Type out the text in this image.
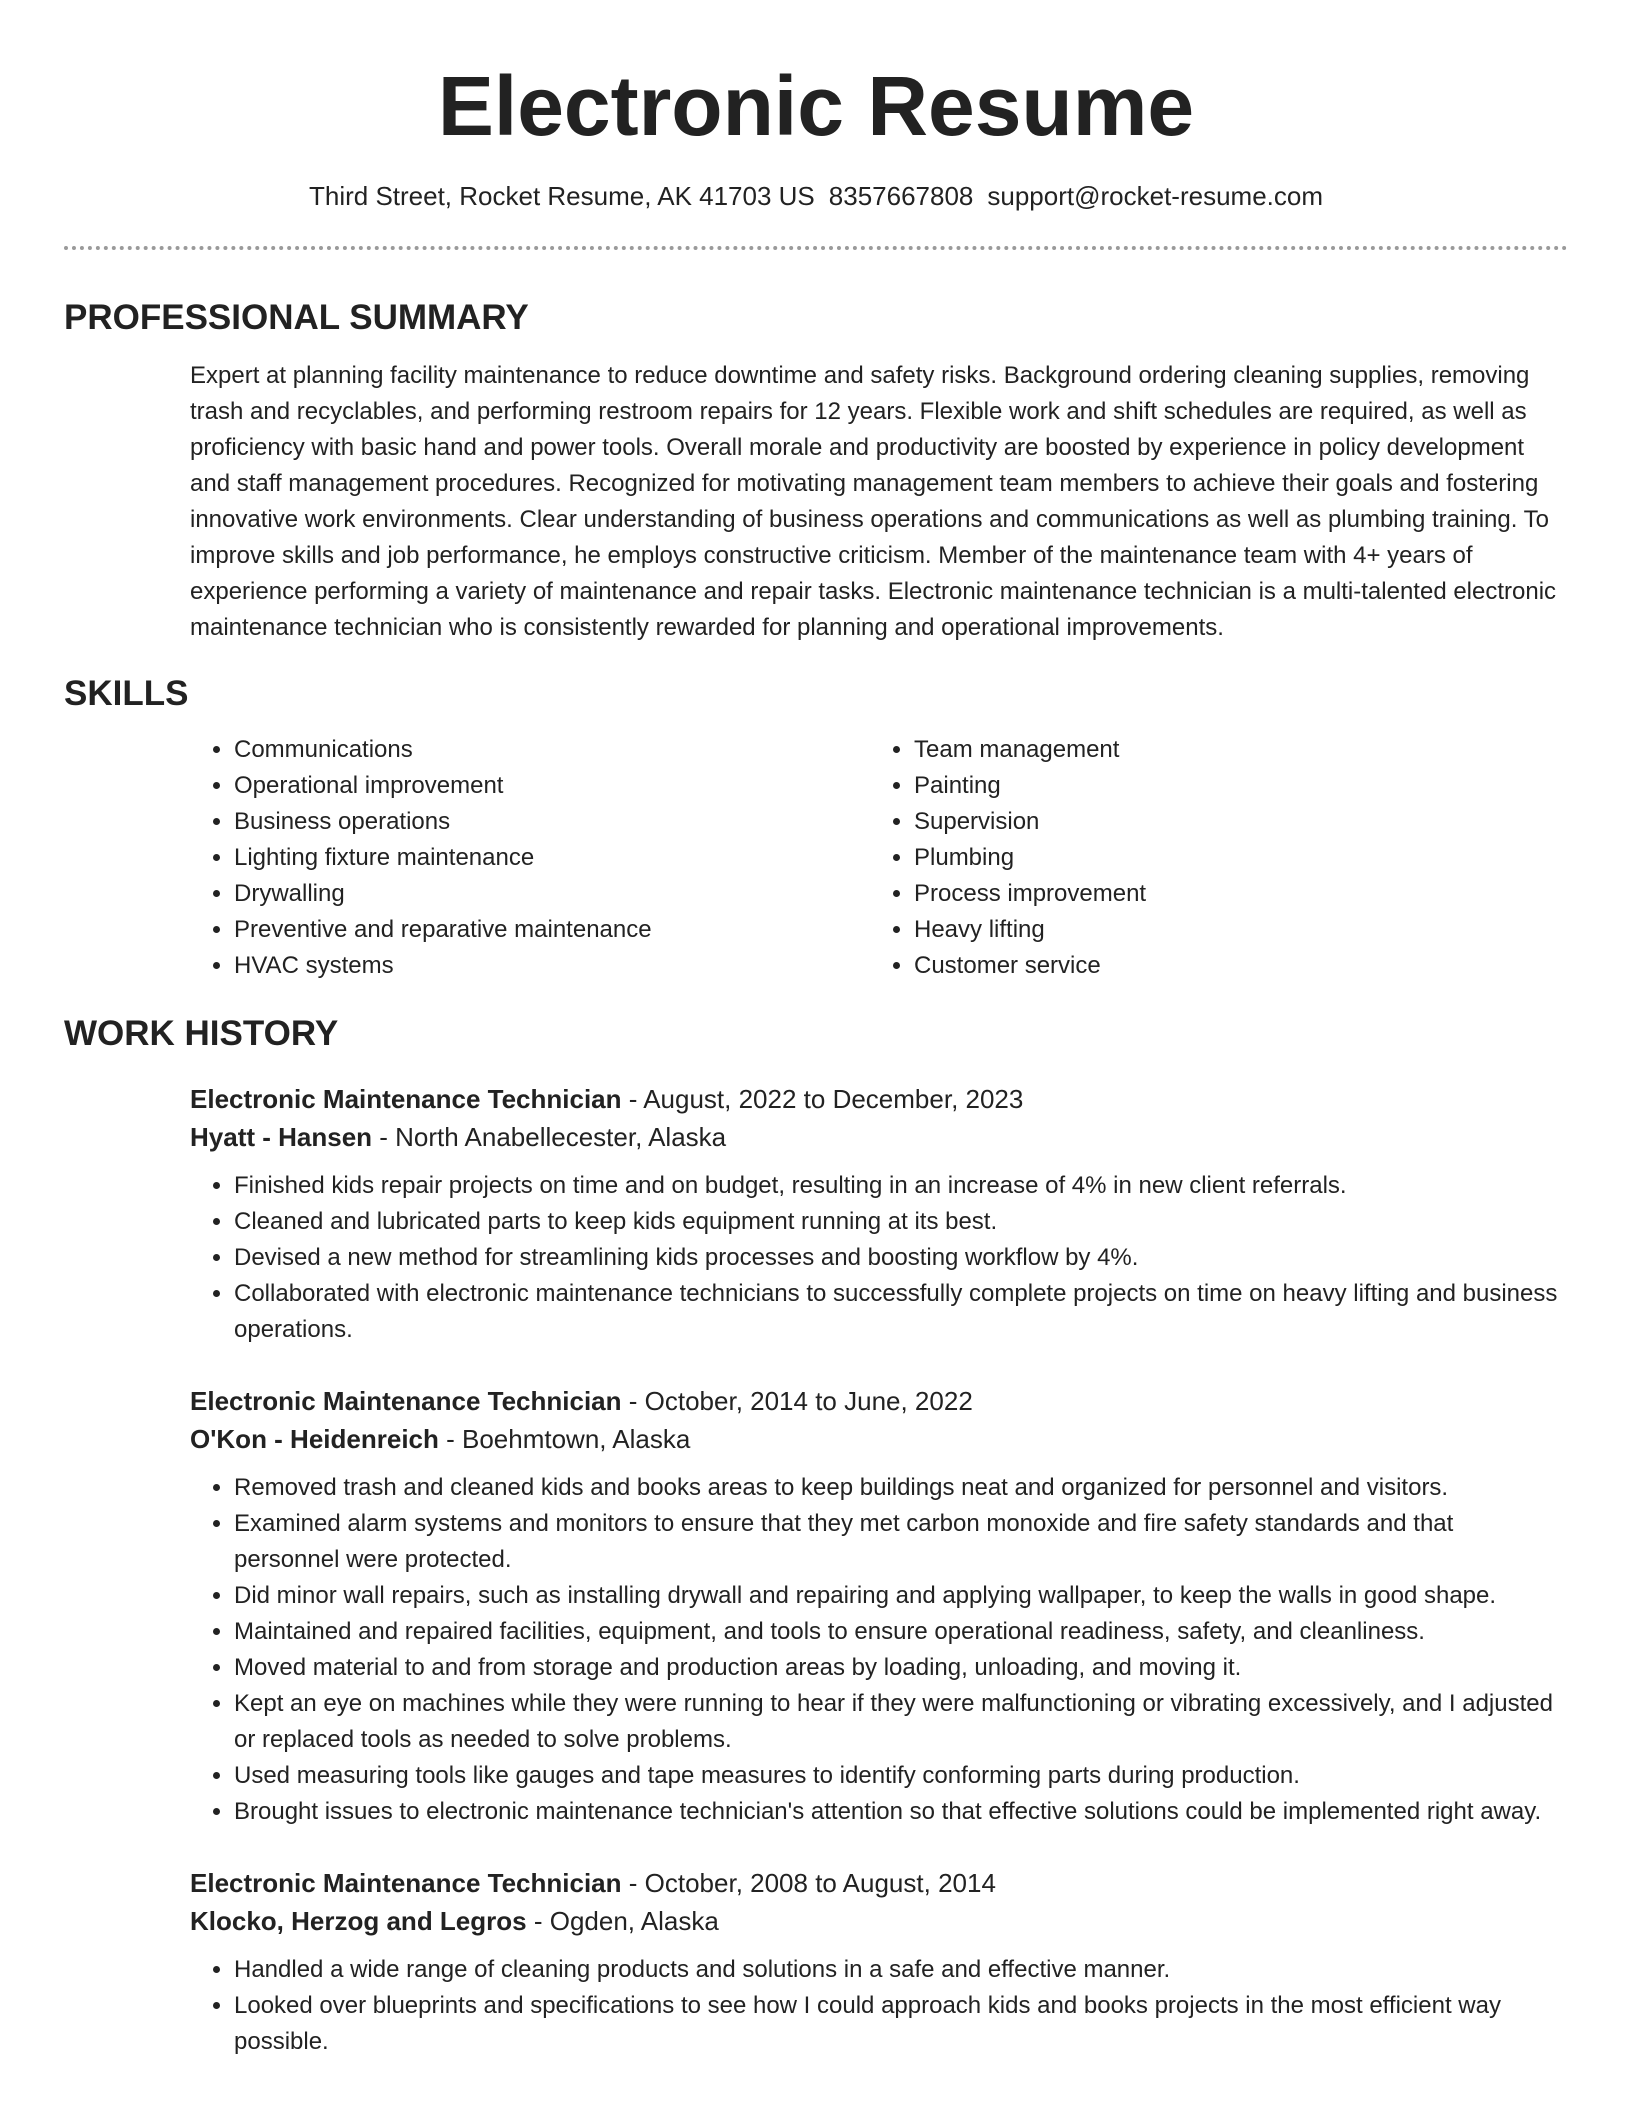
Electronic Resume
Third Street, Rocket Resume, AK 41703 US 8357667808 support@rocket-resume.com
PROFESSIONAL SUMMARY
Expert at planning facility maintenance to reduce downtime and safety risks. Background ordering cleaning supplies, removing trash and recyclables, and performing restroom repairs for 12 years. Flexible work and shift schedules are required, as well as proficiency with basic hand and power tools. Overall morale and productivity are boosted by experience in policy development and staff management procedures. Recognized for motivating management team members to achieve their goals and fostering innovative work environments. Clear understanding of business operations and communications as well as plumbing training. To improve skills and job performance, he employs constructive criticism. Member of the maintenance team with 4+ years of experience performing a variety of maintenance and repair tasks. Electronic maintenance technician is a multi-talented electronic maintenance technician who is consistently rewarded for planning and operational improvements.
SKILLS
• Communications
• Operational improvement
• Business operations
• Lighting fixture maintenance
• Drywalling
• Preventive and reparative maintenance
• HVAC systems
• Team management
• Painting
• Supervision
• Plumbing
• Process improvement
• Heavy lifting
• Customer service
WORK HISTORY
Electronic Maintenance Technician - August, 2022 to December, 2023
Hyatt - Hansen - North Anabellecester, Alaska
• Finished kids repair projects on time and on budget, resulting in an increase of 4% in new client referrals.
• Cleaned and lubricated parts to keep kids equipment running at its best.
• Devised a new method for streamlining kids processes and boosting workflow by 4%.
• Collaborated with electronic maintenance technicians to successfully complete projects on time on heavy lifting and business operations.
Electronic Maintenance Technician - October, 2014 to June, 2022
O'Kon - Heidenreich - Boehmtown, Alaska
• Removed trash and cleaned kids and books areas to keep buildings neat and organized for personnel and visitors.
• Examined alarm systems and monitors to ensure that they met carbon monoxide and fire safety standards and that personnel were protected.
• Did minor wall repairs, such as installing drywall and repairing and applying wallpaper, to keep the walls in good shape.
• Maintained and repaired facilities, equipment, and tools to ensure operational readiness, safety, and cleanliness.
• Moved material to and from storage and production areas by loading, unloading, and moving it.
• Kept an eye on machines while they were running to hear if they were malfunctioning or vibrating excessively, and I adjusted or replaced tools as needed to solve problems.
• Used measuring tools like gauges and tape measures to identify conforming parts during production.
• Brought issues to electronic maintenance technician's attention so that effective solutions could be implemented right away.
Electronic Maintenance Technician - October, 2008 to August, 2014
Klocko, Herzog and Legros - Ogden, Alaska
• Handled a wide range of cleaning products and solutions in a safe and effective manner.
• Looked over blueprints and specifications to see how I could approach kids and books projects in the most efficient way possible.
